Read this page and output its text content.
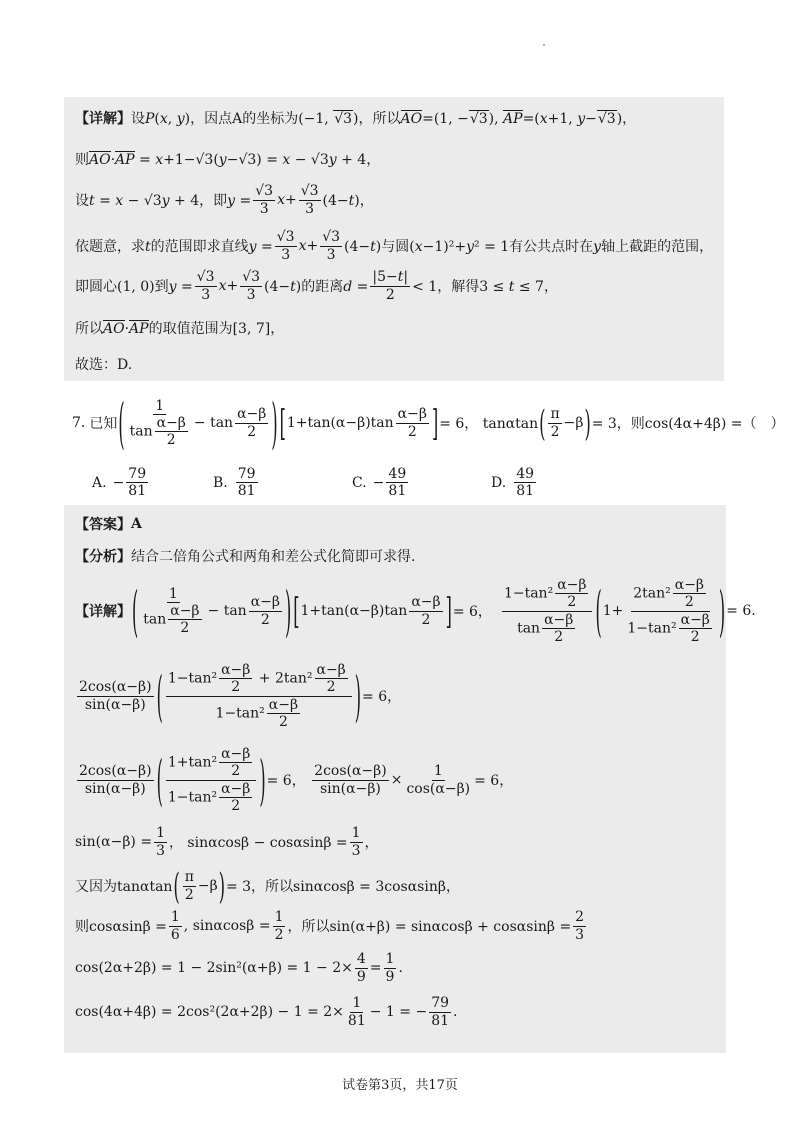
【详解】 设P(x, y)，因点A的坐标为(−1, √3)，所以AO=(1, −√3), AP=(x+1, y−√3)，
则AO·AP = x+1−√3(y−√3) = x − √3y + 4，
设t = x − √3y + 4，即$y = \frac{√3}{3}$ $x + \frac{√3}{3} (4-t)$，
依题意，求t的范围即求直线$y = \frac{√3}{3}$ $x + \frac{√3}{3} (4-t)$与圆(x−1)²+y² = 1有公共点时在y轴上截距的范围，
即圆心(1, 0)到$y = \frac{√3}{3}$ $x + \frac{√3}{3} (4-t)$的距离$d = \frac{|5-t|}{2} < 1$，解得3 ≤ t ≤ 7，
所以AO·AP的取值范围为[3, 7]，
故选：D.
7. 已知 ( $\frac{1}{\tan \frac{\alpha-\beta}{2}} - \tan \frac{\alpha-\beta}{2}$ ) [ $1+\tan(\alpha-\beta)\tan \frac{\alpha-\beta}{2}$ ] = 6， tanαtan ( $\frac{\pi}{2} -\beta$ ) = 3，则cos(4α+4β) =（　）
A. − $\frac{79}{81}$	B. $\frac{79}{81}$	C. − $\frac{49}{81}$	D. $\frac{49}{81}$
【答案】 A
【分析】 结合二倍角公式和两角和差公式化简即可求得.
【详解】 ( $\frac{1}{\tan \frac{\alpha-\beta}{2}} - \tan \frac{\alpha-\beta}{2}$ ) [ $1+\tan(\alpha-\beta)\tan \frac{\alpha-\beta}{2}$ ] = 6， $\frac{1-\tan^2 \frac{\alpha-\beta}{2}}{\tan \frac{\alpha-\beta}{2}}$ ( $1+ \frac{2\tan^2 \frac{\alpha-\beta}{2}}{1-\tan^2 \frac{\alpha-\beta}{2}}$ ) = 6.
$\frac{2\cos(\alpha-\beta)}{\sin(\alpha-\beta)}$ ( $\frac{1-\tan^2 \frac{\alpha-\beta}{2} + 2\tan^2 \frac{\alpha-\beta}{2}}{1-\tan^2 \frac{\alpha-\beta}{2}}$ ) = 6，
$\frac{2\cos(\alpha-\beta)}{\sin(\alpha-\beta)}$ ( $\frac{1+\tan^2 \frac{\alpha-\beta}{2}}{1-\tan^2 \frac{\alpha-\beta}{2}}$ ) = 6， $\frac{2\cos(\alpha-\beta)}{\sin(\alpha-\beta)} \times \frac{1}{\cos(\alpha-\beta)} = 6$，
$\sin(\alpha-\beta) = \frac{1}{3}$ ， $\sin\alpha\cos\beta - \cos\alpha\sin\beta = \frac{1}{3}$ ，
又因为tanαtan ( $\frac{\pi}{2} -\beta$ ) = 3，所以sinαcosβ = 3cosαsinβ，
则$\cos\alpha\sin\beta = \frac{1}{6}$ , $\sin\alpha\cos\beta = \frac{1}{2}$ ，所以$\sin(\alpha+\beta) = \sin\alpha\cos\beta + \cos\alpha\sin\beta = \frac{2}{3}$
$\cos(2\alpha+2\beta) = 1 - 2\sin^2(\alpha+\beta) = 1 - 2\times \frac{4}{9} = \frac{1}{9}$ .
$\cos(4\alpha+4\beta) = 2\cos^2(2\alpha+2\beta) - 1 = 2\times \frac{1}{81} - 1$ = − $\frac{79}{81}$ .
试卷第3页，共17页
